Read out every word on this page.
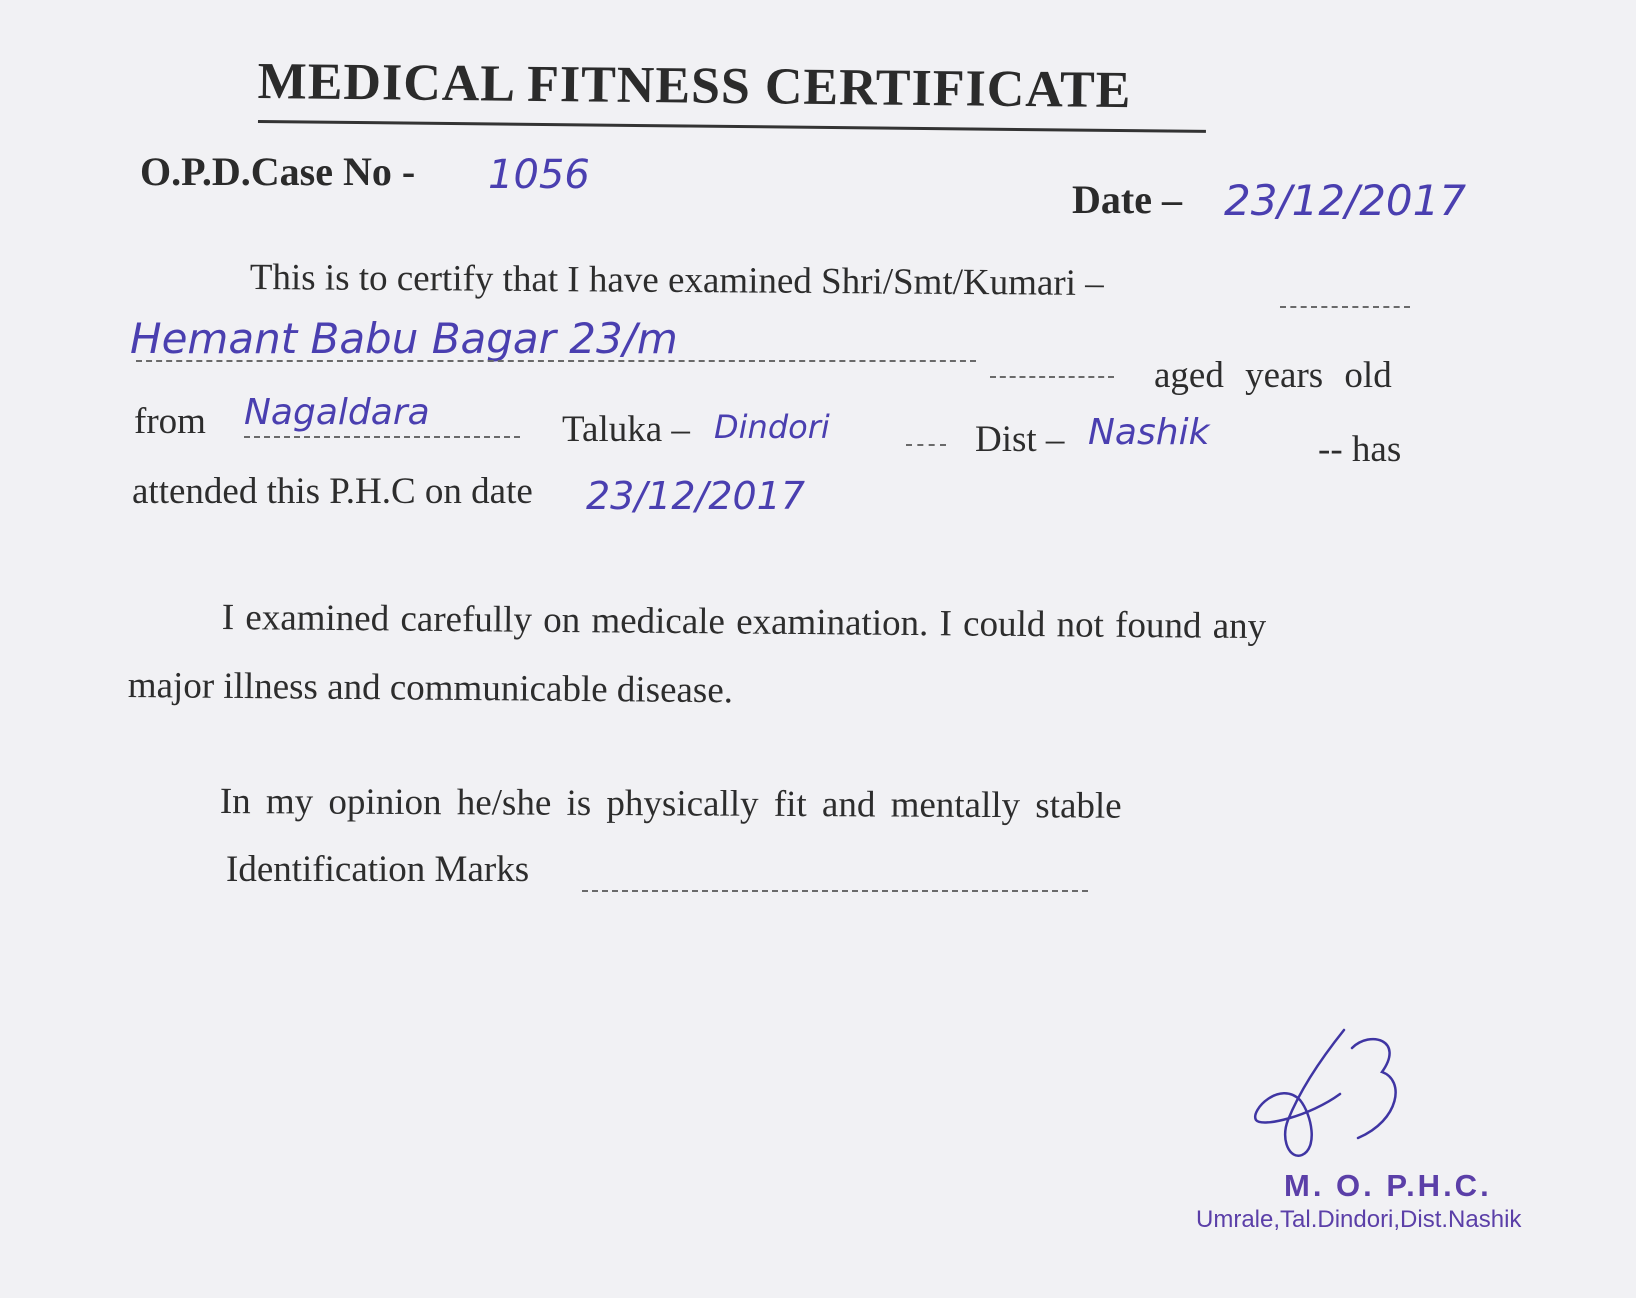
MEDICAL FITNESS CERTIFICATE
O.P.D.Case No - 1056
Date – 23/12/2017
This is to certify that I have examined Shri/Smt/Kumari –
Hemant Babu Bagar 23/m
aged years old
from Nagaldara	Taluka – Dindori	Dist – Nashik	-- has
attended this P.H.C on date 23/12/2017
I examined carefully on medicale examination. I could not found any
major illness and communicable disease.
In my opinion he/she is physically fit and mentally stable
Identification Marks
M. O. P.H.C.
Umrale,Tal.Dindori,Dist.Nashik
